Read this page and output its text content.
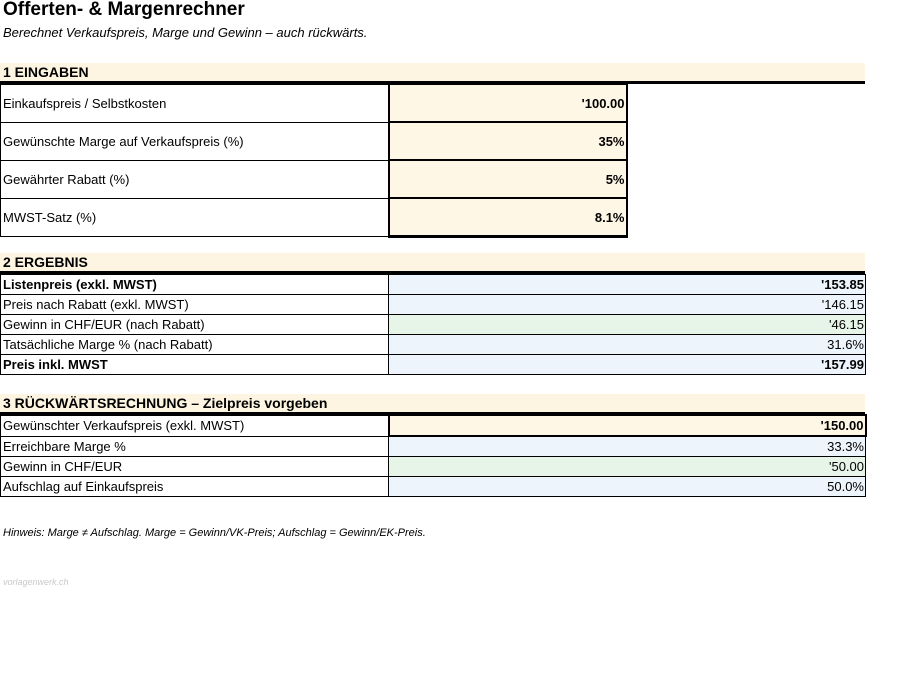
Offerten- & Margenrechner
Berechnet Verkaufspreis, Marge und Gewinn – auch rückwärts.
1 EINGABEN
Einkaufspreis / Selbstkosten	'100.00
Gewünschte Marge auf Verkaufspreis (%)	35%
Gewährter Rabatt (%)	5%
MWST-Satz (%)	8.1%
2 ERGEBNIS
Listenpreis (exkl. MWST)	'153.85
Preis nach Rabatt (exkl. MWST)	'146.15
Gewinn in CHF/EUR (nach Rabatt)	'46.15
Tatsächliche Marge % (nach Rabatt)	31.6%
Preis inkl. MWST	'157.99
3 RÜCKWÄRTSRECHNUNG – Zielpreis vorgeben
Gewünschter Verkaufspreis (exkl. MWST)	'150.00
Erreichbare Marge %	33.3%
Gewinn in CHF/EUR	'50.00
Aufschlag auf Einkaufspreis	50.0%
Hinweis: Marge ≠ Aufschlag. Marge = Gewinn/VK-Preis; Aufschlag = Gewinn/EK-Preis.
vorlagenwerk.ch
